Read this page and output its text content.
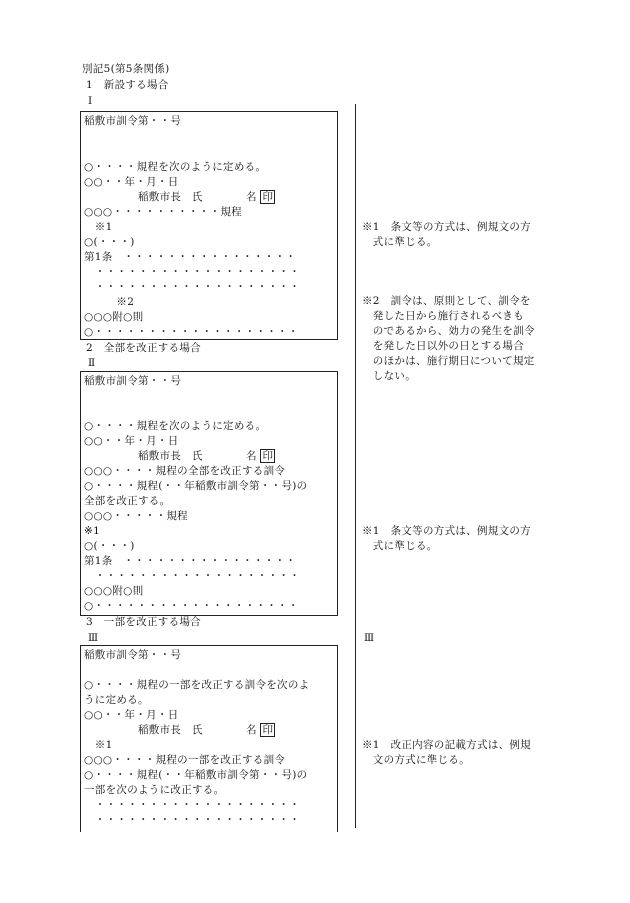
別記5(第5条関係)
1　新設する場合
Ⅰ
稲敷市訓令第・・号
○・・・・規程を次のように定める。
○○・・年・月・日
　　　　　稲敷市長　氏　　　　名 印
○○○・・・・・・・・・・規程
　※1
○(・・・)
第1条　・・・・・・・・・・・・・・・・
　・・・・・・・・・・・・・・・・・・・
　・・・・・・・・・・・・・・・・・・・
　　　※2
○○○附○則
○・・・・・・・・・・・・・・・・・・・
2　全部を改正する場合
Ⅱ
稲敷市訓令第・・号
○・・・・規程を次のように定める。
○○・・年・月・日
　　　　　稲敷市長　氏　　　　名 印
○○○・・・・規程の全部を改正する訓令
○・・・・規程(・・年稲敷市訓令第・・号)の
全部を改正する。
○○○・・・・・規程
※1
○(・・・)
第1条　・・・・・・・・・・・・・・・・
　・・・・・・・・・・・・・・・・・・・
○○○附○則
○・・・・・・・・・・・・・・・・・・・
3　一部を改正する場合
Ⅲ
稲敷市訓令第・・号
○・・・・規程の一部を改正する訓令を次のよ
うに定める。
○○・・年・月・日
　　　　　稲敷市長　氏　　　　名 印
　※1
○○○・・・・規程の一部を改正する訓令
○・・・・規程(・・年稲敷市訓令第・・号)の
一部を次のように改正する。
　・・・・・・・・・・・・・・・・・・・
　・・・・・・・・・・・・・・・・・・・
※1　条文等の方式は、例規文の方
　式に準じる。
※2　訓令は、原則として、訓令を
　発した日から施行されるべきも
　のであるから、効力の発生を訓令
　を発した日以外の日とする場合
　のほかは、施行期日について規定
　しない。
※1　条文等の方式は、例規文の方
　式に準じる。
Ⅲ
※1　改正内容の記載方式は、例規
　文の方式に準じる。
